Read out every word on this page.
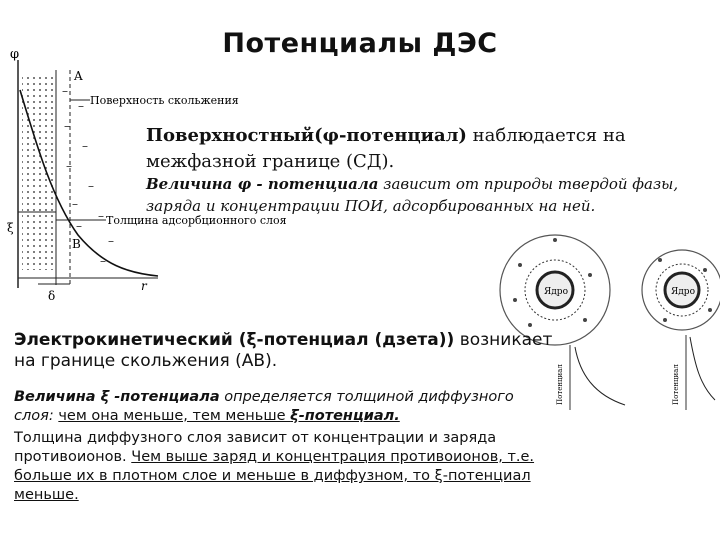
Потенциалы ДЭС
φ
r
A
B
–
–
–
–
–
–
–
–
–
–
–
ξ
δ
Поверхность скольжения
Толщина адсорбционного слоя
Ядро	Ядро
Потенциал	Потенциал
Поверхностный(φ-потенциал) наблюдается на межфазной границе (СД).
Величина φ - потенциала зависит от природы твердой фазы, заряда и концентрации ПОИ, адсорбированных на ней.
Электрокинетический (ξ-потенциал (дзета)) возникает на границе скольжения (АВ).
Величина ξ -потенциала определяется толщиной диффузного слоя: чем она меньше, тем меньше ξ-потенциал.
Толщина диффузного слоя зависит от концентрации и заряда противоионов. Чем выше заряд и концентрация противоионов, т.е. больше их в плотном слое и меньше в диффузном, то ξ-потенциал меньше.
